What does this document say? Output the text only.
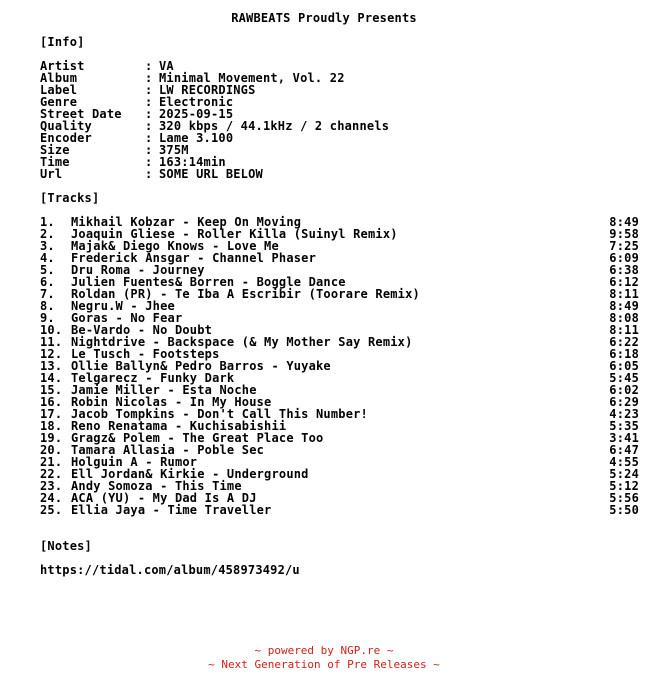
RAWBEATS Proudly Presents
[Info]
Artist	: VA
Album	: Minimal Movement, Vol. 22
Label	: LW RECORDINGS
Genre	: Electronic
Street Date	: 2025-09-15
Quality	: 320 kbps / 44.1kHz / 2 channels
Encoder	: Lame 3.100
Size	: 375M
Time	: 163:14min
Url	: SOME URL BELOW
[Tracks]
1.	Mikhail Kobzar - Keep On Moving	8:49
2.	Joaquin Gliese - Roller Killa (Suinyl Remix)	9:58
3.	Majak& Diego Knows - Love Me	7:25
4.	Frederick Ansgar - Channel Phaser	6:09
5.	Dru Roma - Journey	6:38
6.	Julien Fuentes& Borren - Boggle Dance	6:12
7.	Roldan (PR) - Te Iba A Escribir (Toorare Remix)	8:11
8.	Negru.W - Jhee	8:49
9.	Goras - No Fear	8:08
10. Be-Vardo - No Doubt	8:11
11. Nightdrive - Backspace (& My Mother Say Remix)	6:22
12. Le Tusch - Footsteps	6:18
13. Ollie Ballyn& Pedro Barros - Yuyake	6:05
14. Telgarecz - Funky Dark	5:45
15. Jamie Miller - Esta Noche	6:02
16. Robin Nicolas - In My House	6:29
17. Jacob Tompkins - Don't Call This Number!	4:23
18. Reno Renatama - Kuchisabishii	5:35
19. Gragz& Polem - The Great Place Too	3:41
20. Tamara Allasia - Poble Sec	6:47
21. Holguin A - Rumor	4:55
22. Ell Jordan& Kirkie - Underground	5:24
23. Andy Somoza - This Time	5:12
24. ACA (YU) - My Dad Is A DJ	5:56
25. Ellia Jaya - Time Traveller	5:50
[Notes]
https://tidal.com/album/458973492/u
~ powered by NGP.re ~
~ Next Generation of Pre Releases ~
